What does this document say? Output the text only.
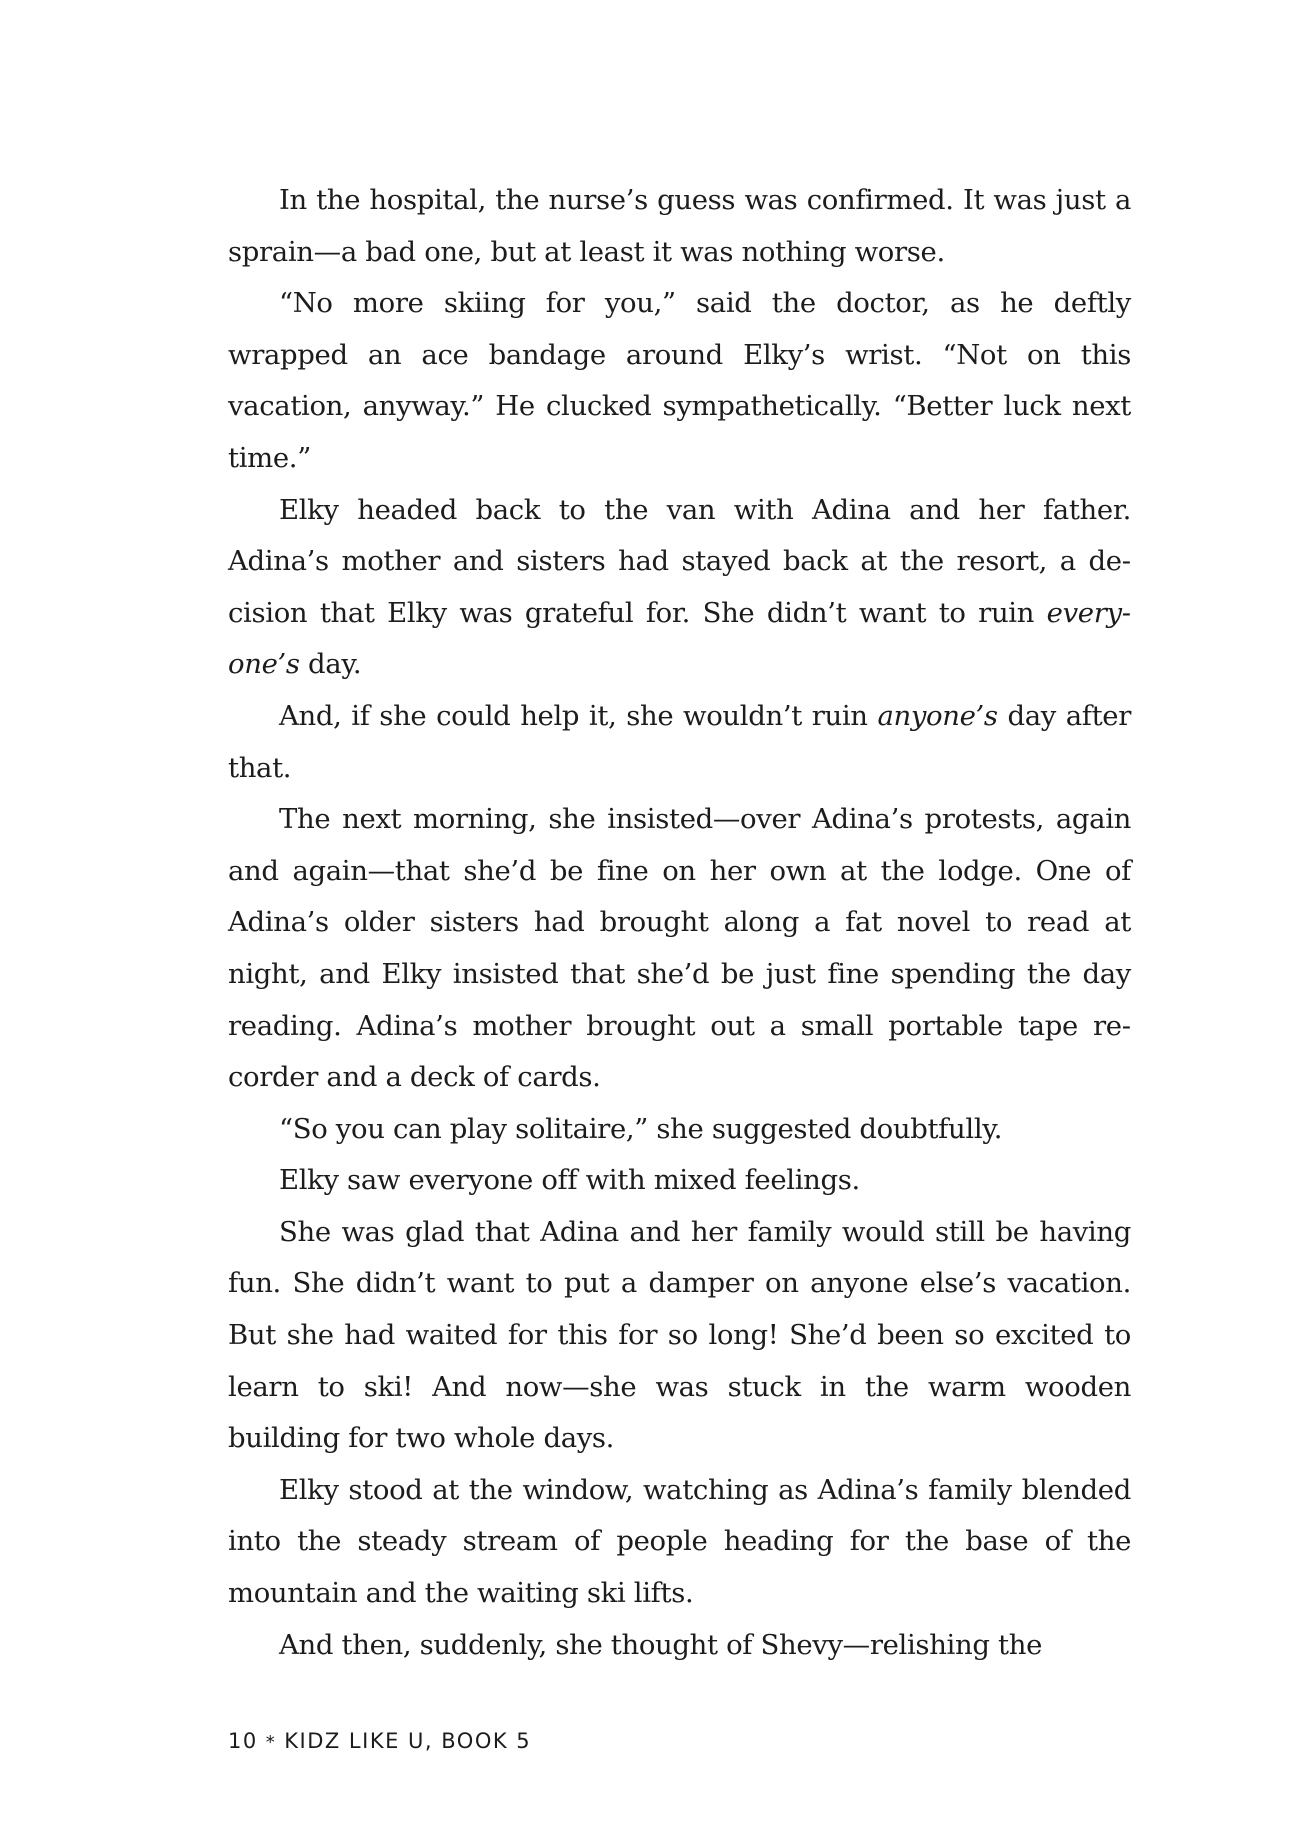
In the hospital, the nurse’s guess was confirmed. It was just a sprain—a bad one, but at least it was nothing worse.

“No more skiing for you,” said the doctor, as he deftly wrapped an ace bandage around Elky’s wrist. “Not on this vacation, anyway.” He clucked sympathetically. “Better luck next time.”

Elky headed back to the van with Adina and her father. Adina’s mother and sisters had stayed back at the resort, a decision that Elky was grateful for. She didn’t want to ruin everyone’s day.

And, if she could help it, she wouldn’t ruin anyone’s day after that.

The next morning, she insisted—over Adina’s protests, again and again—that she’d be fine on her own at the lodge. One of Adina’s older sisters had brought along a fat novel to read at night, and Elky insisted that she’d be just fine spending the day reading. Adina’s mother brought out a small portable tape recorder and a deck of cards.

“So you can play solitaire,” she suggested doubtfully.

Elky saw everyone off with mixed feelings.

She was glad that Adina and her family would still be having fun. She didn’t want to put a damper on anyone else’s vacation. But she had waited for this for so long! She’d been so excited to learn to ski! And now—she was stuck in the warm wooden building for two whole days.

Elky stood at the window, watching as Adina’s family blended into the steady stream of people heading for the base of the mountain and the waiting ski lifts.

And then, suddenly, she thought of Shevy—relishing the

10 * KIDZ LIKE U, BOOK 5
